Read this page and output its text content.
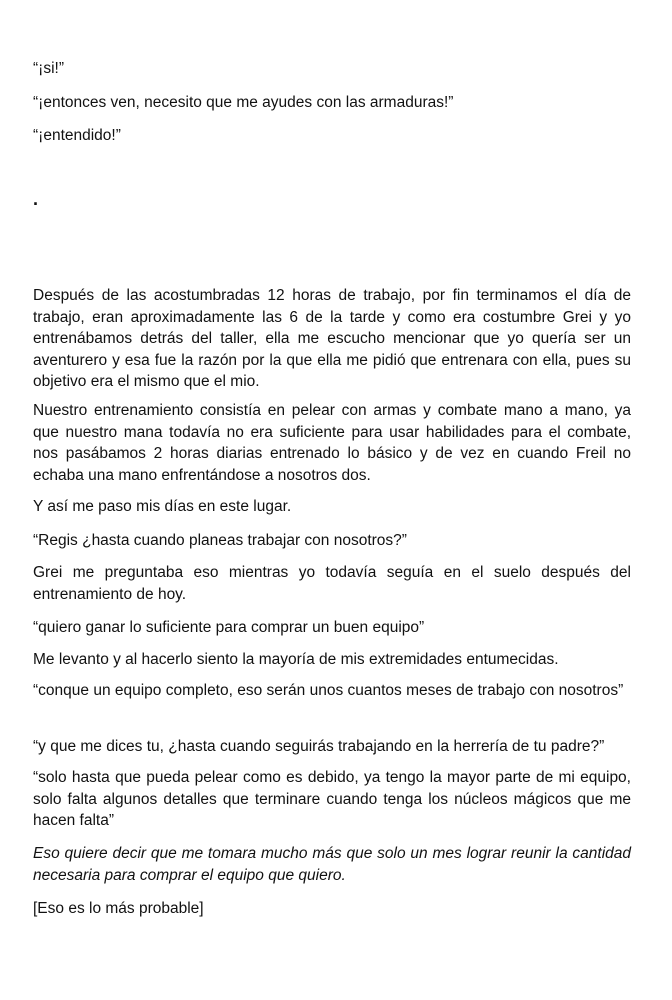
“¡si!”
“¡entonces ven, necesito que me ayudes con las armaduras!”
“¡entendido!”
.
Después de las acostumbradas 12 horas de trabajo, por fin terminamos el día de trabajo, eran aproximadamente las 6 de la tarde y como era costumbre Grei y yo entrenábamos detrás del taller, ella me escucho mencionar que yo quería ser un aventurero y esa fue la razón por la que ella me pidió que entrenara con ella, pues su objetivo era el mismo que el mio.
Nuestro entrenamiento consistía en pelear con armas y combate mano a mano, ya que nuestro mana todavía no era suficiente para usar habilidades para el combate, nos pasábamos 2 horas diarias entrenado lo básico y de vez en cuando Freil no echaba una mano enfrentándose a nosotros dos.
Y así me paso mis días en este lugar.
“Regis ¿hasta cuando planeas trabajar con nosotros?”
Grei me preguntaba eso mientras yo todavía seguía en el suelo después del entrenamiento de hoy.
“quiero ganar lo suficiente para comprar un buen equipo”
Me levanto y al hacerlo siento la mayoría de mis extremidades entumecidas.
“conque un equipo completo, eso serán unos cuantos meses de trabajo con nosotros”
“y que me dices tu, ¿hasta cuando seguirás trabajando en la herrería de tu padre?”
“solo hasta que pueda pelear como es debido, ya tengo la mayor parte de mi equipo, solo falta algunos detalles que terminare cuando tenga los núcleos mágicos que me hacen falta”
Eso quiere decir que me tomara mucho más que solo un mes lograr reunir la cantidad necesaria para comprar el equipo que quiero.
[Eso es lo más probable]
